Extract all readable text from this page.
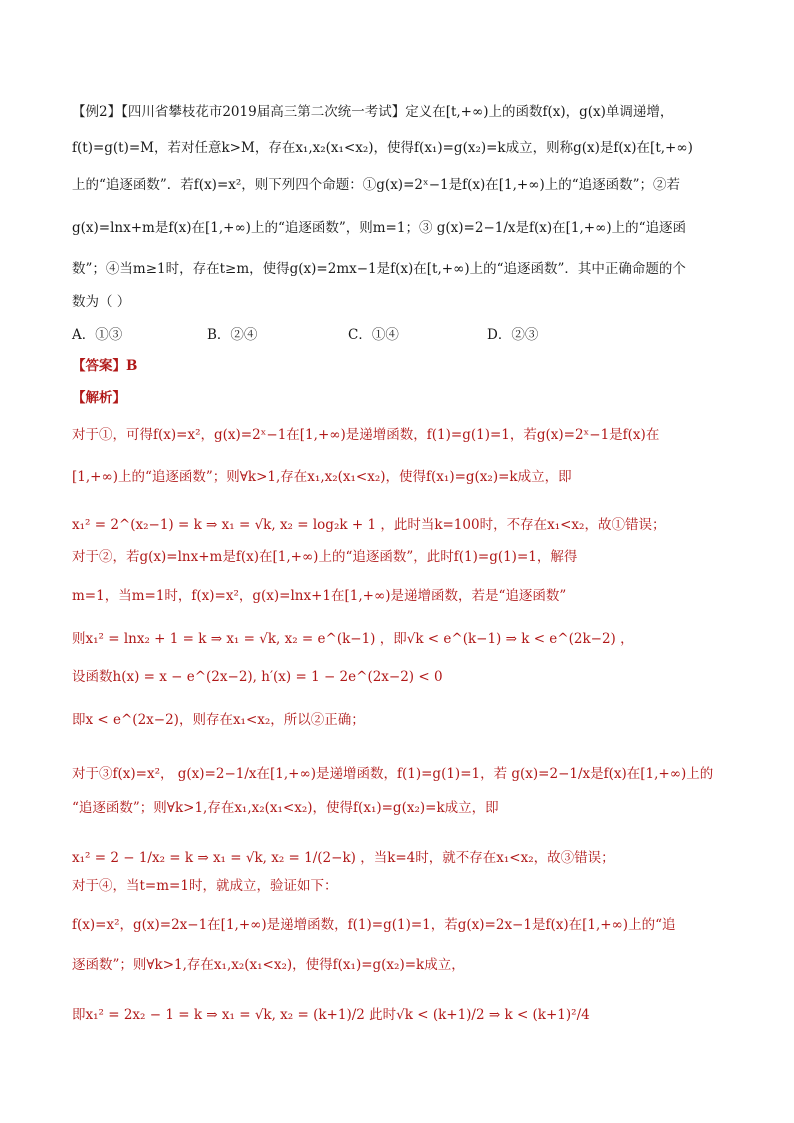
【例2】【四川省攀枝花市2019届高三第二次统一考试】定义在[t,+∞)上的函数f(x)，g(x)单调递增，
f(t)=g(t)=M，若对任意k>M，存在x₁,x₂(x₁<x₂)，使得f(x₁)=g(x₂)=k成立，则称g(x)是f(x)在[t,+∞)
上的“追逐函数”．若f(x)=x²，则下列四个命题：①g(x)=2ˣ−1是f(x)在[1,+∞)上的“追逐函数”；②若
g(x)=lnx+m是f(x)在[1,+∞)上的“追逐函数”，则m=1；③ g(x)=2−1/x是f(x)在[1,+∞)上的“追逐函
数”；④当m≥1时，存在t≥m，使得g(x)=2mx−1是f(x)在[t,+∞)上的“追逐函数”．其中正确命题的个
数为（ ）
A．①③	B．②④	C．①④	D．②③
【答案】B
【解析】
对于①，可得f(x)=x²，g(x)=2ˣ−1在[1,+∞)是递增函数，f(1)=g(1)=1，若g(x)=2ˣ−1是f(x)在
[1,+∞)上的“追逐函数”；则∀k>1,存在x₁,x₂(x₁<x₂)，使得f(x₁)=g(x₂)=k成立，即
x₁² = 2^(x₂−1) = k ⇒ x₁ = √k, x₂ = log₂k + 1 ，此时当k=100时，不存在x₁<x₂，故①错误；
对于②，若g(x)=lnx+m是f(x)在[1,+∞)上的“追逐函数”，此时f(1)=g(1)=1，解得
m=1，当m=1时，f(x)=x²，g(x)=lnx+1在[1,+∞)是递增函数，若是“追逐函数”
则x₁² = lnx₂ + 1 = k ⇒ x₁ = √k, x₂ = e^(k−1) ，即√k < e^(k−1) ⇒ k < e^(2k−2) ，
设函数h(x) = x − e^(2x−2), h′(x) = 1 − 2e^(2x−2) < 0
即x < e^(2x−2)，则存在x₁<x₂，所以②正确；
对于③f(x)=x²， g(x)=2−1/x在[1,+∞)是递增函数，f(1)=g(1)=1，若 g(x)=2−1/x是f(x)在[1,+∞)上的
“追逐函数”；则∀k>1,存在x₁,x₂(x₁<x₂)，使得f(x₁)=g(x₂)=k成立，即
x₁² = 2 − 1/x₂ = k ⇒ x₁ = √k, x₂ = 1/(2−k) ，当k=4时，就不存在x₁<x₂，故③错误；
对于④，当t=m=1时，就成立，验证如下：
f(x)=x²，g(x)=2x−1在[1,+∞)是递增函数，f(1)=g(1)=1，若g(x)=2x−1是f(x)在[1,+∞)上的“追
逐函数”；则∀k>1,存在x₁,x₂(x₁<x₂)，使得f(x₁)=g(x₂)=k成立，
即x₁² = 2x₂ − 1 = k ⇒ x₁ = √k, x₂ = (k+1)/2 此时√k < (k+1)/2 ⇒ k < (k+1)²/4
